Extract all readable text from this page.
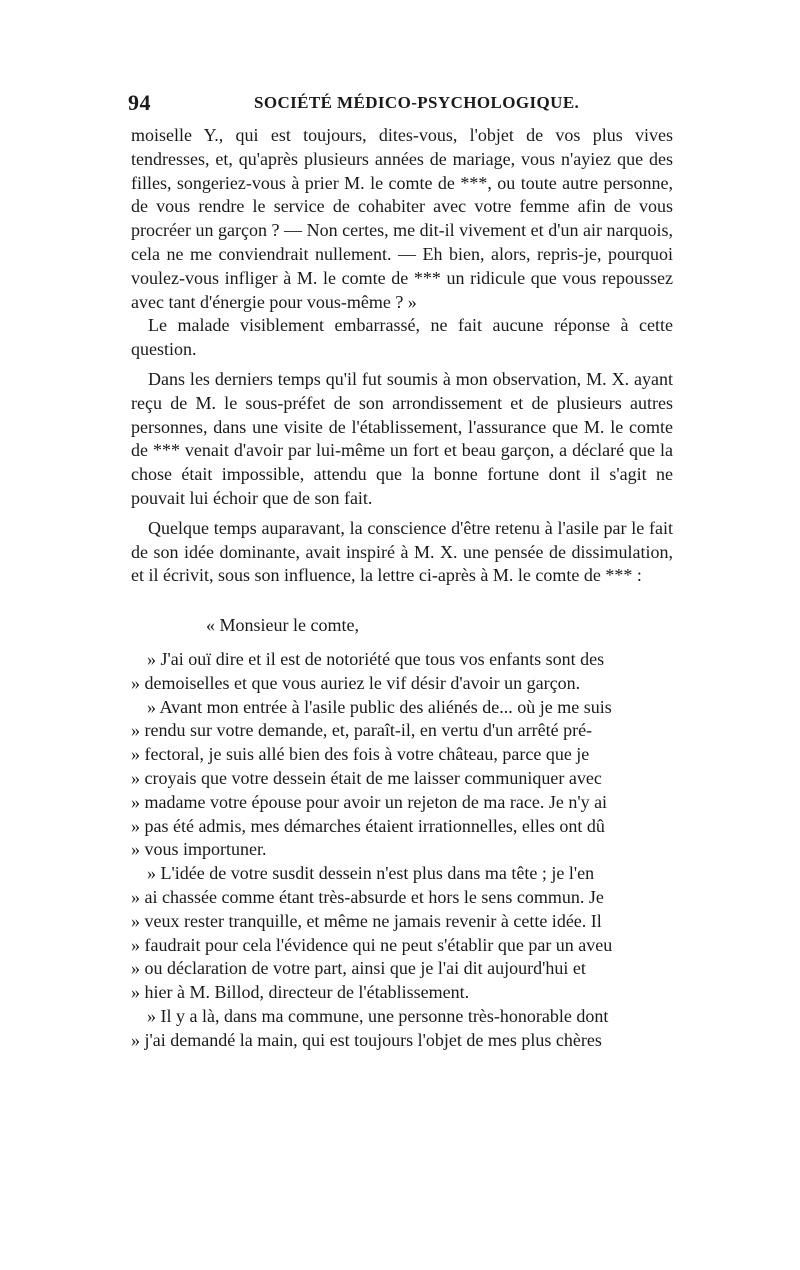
94	SOCIÉTÉ MÉDICO-PSYCHOLOGIQUE.

moiselle Y., qui est toujours, dites-vous, l'objet de vos plus vives tendresses, et, qu'après plusieurs années de mariage, vous n'ayiez que des filles, songeriez-vous à prier M. le comte de ***, ou toute autre personne, de vous rendre le service de cohabiter avec votre femme afin de vous procréer un garçon ? — Non certes, me dit-il vivement et d'un air narquois, cela ne me conviendrait nullement. — Eh bien, alors, repris-je, pourquoi voulez-vous infliger à M. le comte de *** un ridicule que vous repoussez avec tant d'énergie pour vous-même ? »

Le malade visiblement embarrassé, ne fait aucune réponse à cette question.

Dans les derniers temps qu'il fut soumis à mon observation, M. X. ayant reçu de M. le sous-préfet de son arrondissement et de plusieurs autres personnes, dans une visite de l'établissement, l'assurance que M. le comte de *** venait d'avoir par lui-même un fort et beau garçon, a déclaré que la chose était impossible, attendu que la bonne fortune dont il s'agit ne pouvait lui échoir que de son fait.

Quelque temps auparavant, la conscience d'être retenu à l'asile par le fait de son idée dominante, avait inspiré à M. X. une pensée de dissimulation, et il écrivit, sous son influence, la lettre ci-après à M. le comte de *** :

« Monsieur le comte,

» J'ai ouï dire et il est de notoriété que tous vos enfants sont des

» demoiselles et que vous auriez le vif désir d'avoir un garçon.

» Avant mon entrée à l'asile public des aliénés de... où je me suis

» rendu sur votre demande, et, paraît-il, en vertu d'un arrêté pré-

» fectoral, je suis allé bien des fois à votre château, parce que je

» croyais que votre dessein était de me laisser communiquer avec

» madame votre épouse pour avoir un rejeton de ma race. Je n'y ai

» pas été admis, mes démarches étaient irrationnelles, elles ont dû

» vous importuner.

» L'idée de votre susdit dessein n'est plus dans ma tête ; je l'en

» ai chassée comme étant très-absurde et hors le sens commun. Je

» veux rester tranquille, et même ne jamais revenir à cette idée. Il

» faudrait pour cela l'évidence qui ne peut s'établir que par un aveu

» ou déclaration de votre part, ainsi que je l'ai dit aujourd'hui et

» hier à M. Billod, directeur de l'établissement.

» Il y a là, dans ma commune, une personne très-honorable dont

» j'ai demandé la main, qui est toujours l'objet de mes plus chères
